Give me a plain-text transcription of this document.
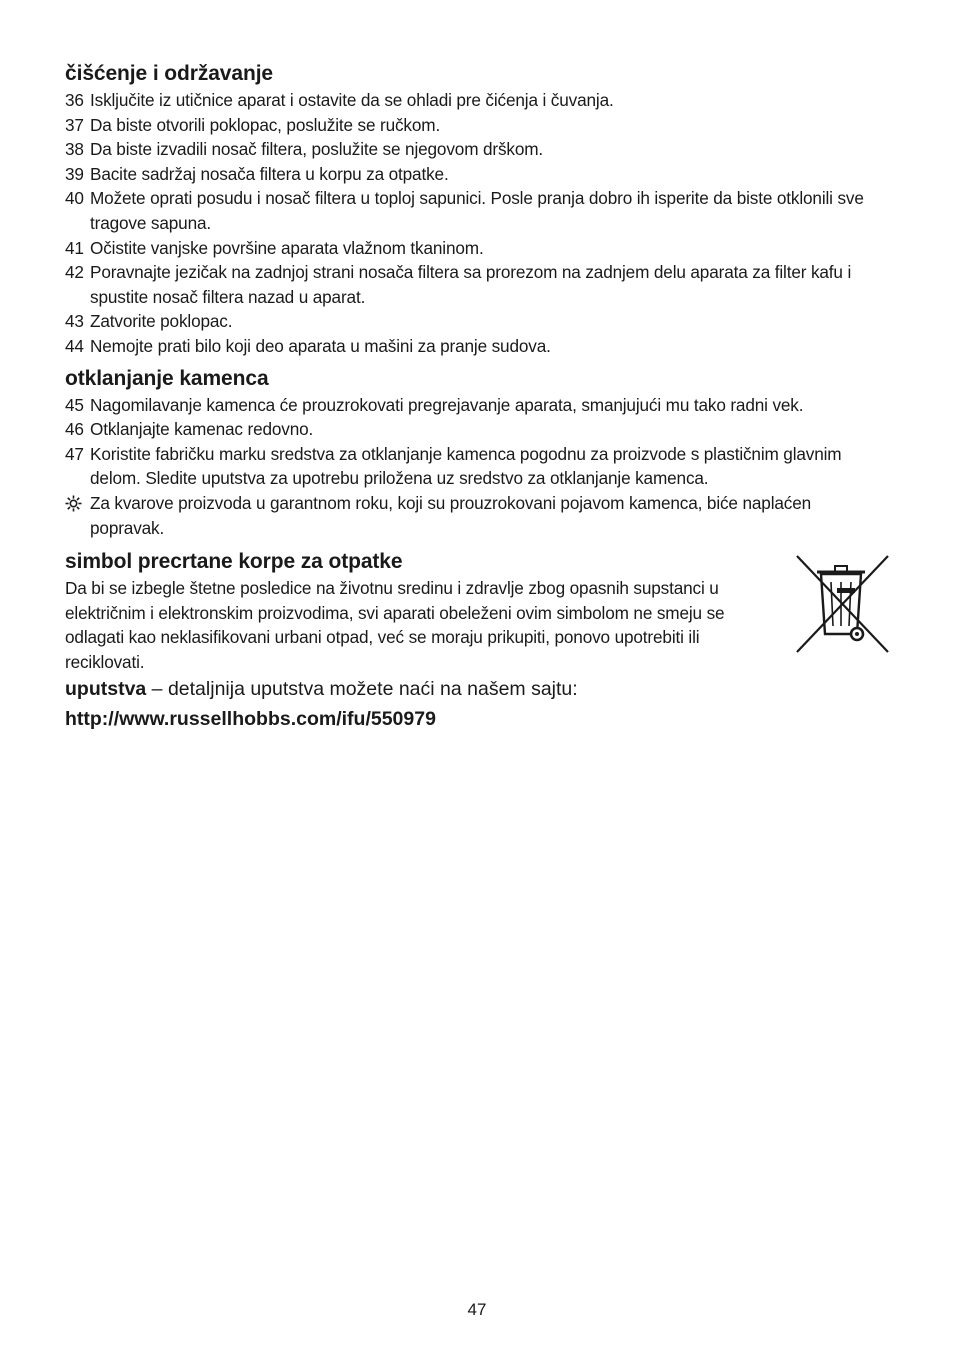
čišćenje i održavanje
36 Isključite iz utičnice aparat i ostavite da se ohladi pre čićenja i čuvanja.
37 Da biste otvorili poklopac, poslužite se ručkom.
38 Da biste izvadili nosač filtera, poslužite se njegovom drškom.
39 Bacite sadržaj nosača filtera u korpu za otpatke.
40 Možete oprati posudu i nosač filtera u toploj sapunici. Posle pranja dobro ih isperite da biste otklonili sve tragove sapuna.
41 Očistite vanjske površine aparata vlažnom tkaninom.
42 Poravnajte jezičak na zadnjoj strani nosača filtera sa prorezom na zadnjem delu aparata za filter kafu i spustite nosač filtera nazad u aparat.
43 Zatvorite poklopac.
44 Nemojte prati bilo koji deo aparata u mašini za pranje sudova.
otklanjanje kamenca
45 Nagomilavanje kamenca će prouzrokovati pregrejavanje aparata, smanjujući mu tako radni vek.
46 Otklanjajte kamenac redovno.
47 Koristite fabričku marku sredstva za otklanjanje kamenca pogodnu za proizvode s plastičnim glavnim delom. Sledite uputstva za upotrebu priložena uz sredstvo za otklanjanje kamenca.
Za kvarove proizvoda u garantnom roku, koji su prouzrokovani pojavom kamenca, biće naplaćen popravak.
simbol precrtane korpe za otpatke

Da bi se izbegle štetne posledice na životnu sredinu i zdravlje zbog opasnih supstanci u električnim i elektronskim proizvodima, svi aparati obeleženi ovim simbolom ne smeju se odlagati kao neklasifikovani urbani otpad, već se moraju prikupiti, ponovo upotrebiti ili reciklovati.

uputstva – detaljnija uputstva možete naći na našem sajtu:
http://www.russellhobbs.com/ifu/550979
47
